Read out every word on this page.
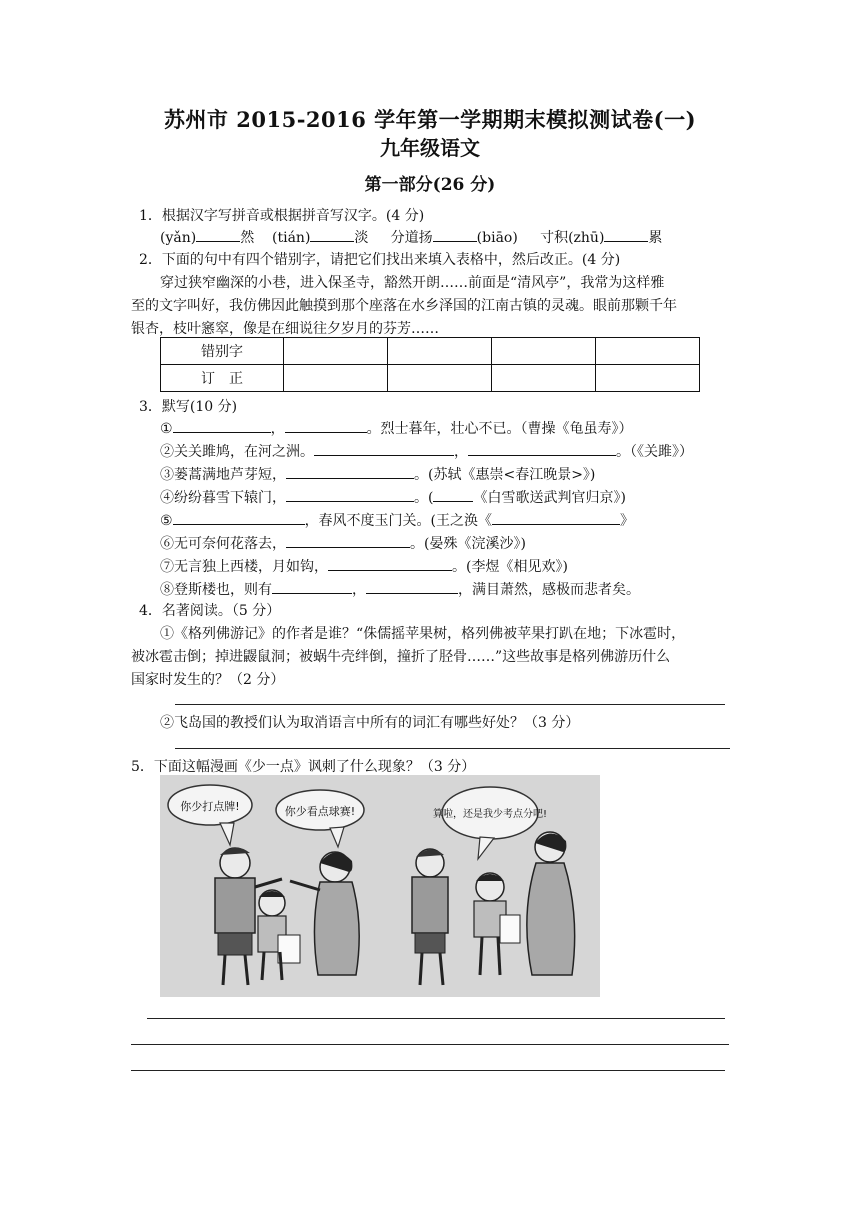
苏州市 2015-2016 学年第一学期期末模拟测试卷(一)
九年级语文
第一部分(26 分)
1．根据汉字写拼音或根据拼音写汉字。(4 分)
(yǎn)	然 (tián)	淡 分道扬	(biāo) 寸积(zhū)	累
2．下面的句中有四个错别字，请把它们找出来填入表格中，然后改正。(4 分)
穿过狭窄幽深的小巷，进入保圣寺，豁然开朗……前面是“清风亭”，我常为这样雅
至的文字叫好，我仿佛因此触摸到那个座落在水乡泽国的江南古镇的灵魂。眼前那颗千年
银杏，枝叶窸窣，像是在细说往夕岁月的芬芳……
错别字				
订　正				
3．默写(10 分)
①	，	。烈士暮年，壮心不已。（曹操《龟虽寿》）
②关关雎鸠，在河之洲。	，	。（《关雎》）
③蒌蒿满地芦芽短，	。(苏轼《惠崇<春江晚景>》)
④纷纷暮雪下辕门，	。(	《白雪歌送武判官归京》)
⑤	，春风不度玉门关。(王之涣《	》
⑥无可奈何花落去，	。(晏殊《浣溪沙》)
⑦无言独上西楼，月如钩，	。(李煜《相见欢》)
⑧登斯楼也，则有	，	，满目萧然，感极而悲者矣。
4．名著阅读。（5 分）
①《格列佛游记》的作者是谁？“侏儒摇苹果树，格列佛被苹果打趴在地；下冰雹时，
被冰雹击倒；掉进鼹鼠洞；被蜗牛壳绊倒，撞折了胫骨……”这些故事是格列佛游历什么
国家时发生的？（2 分）
②飞岛国的教授们认为取消语言中所有的词汇有哪些好处？（3 分）
5．下面这幅漫画《少一点》讽刺了什么现象？（3 分）
你少打点牌!	你少看点球赛!	算啦，还是我少考点分吧!
